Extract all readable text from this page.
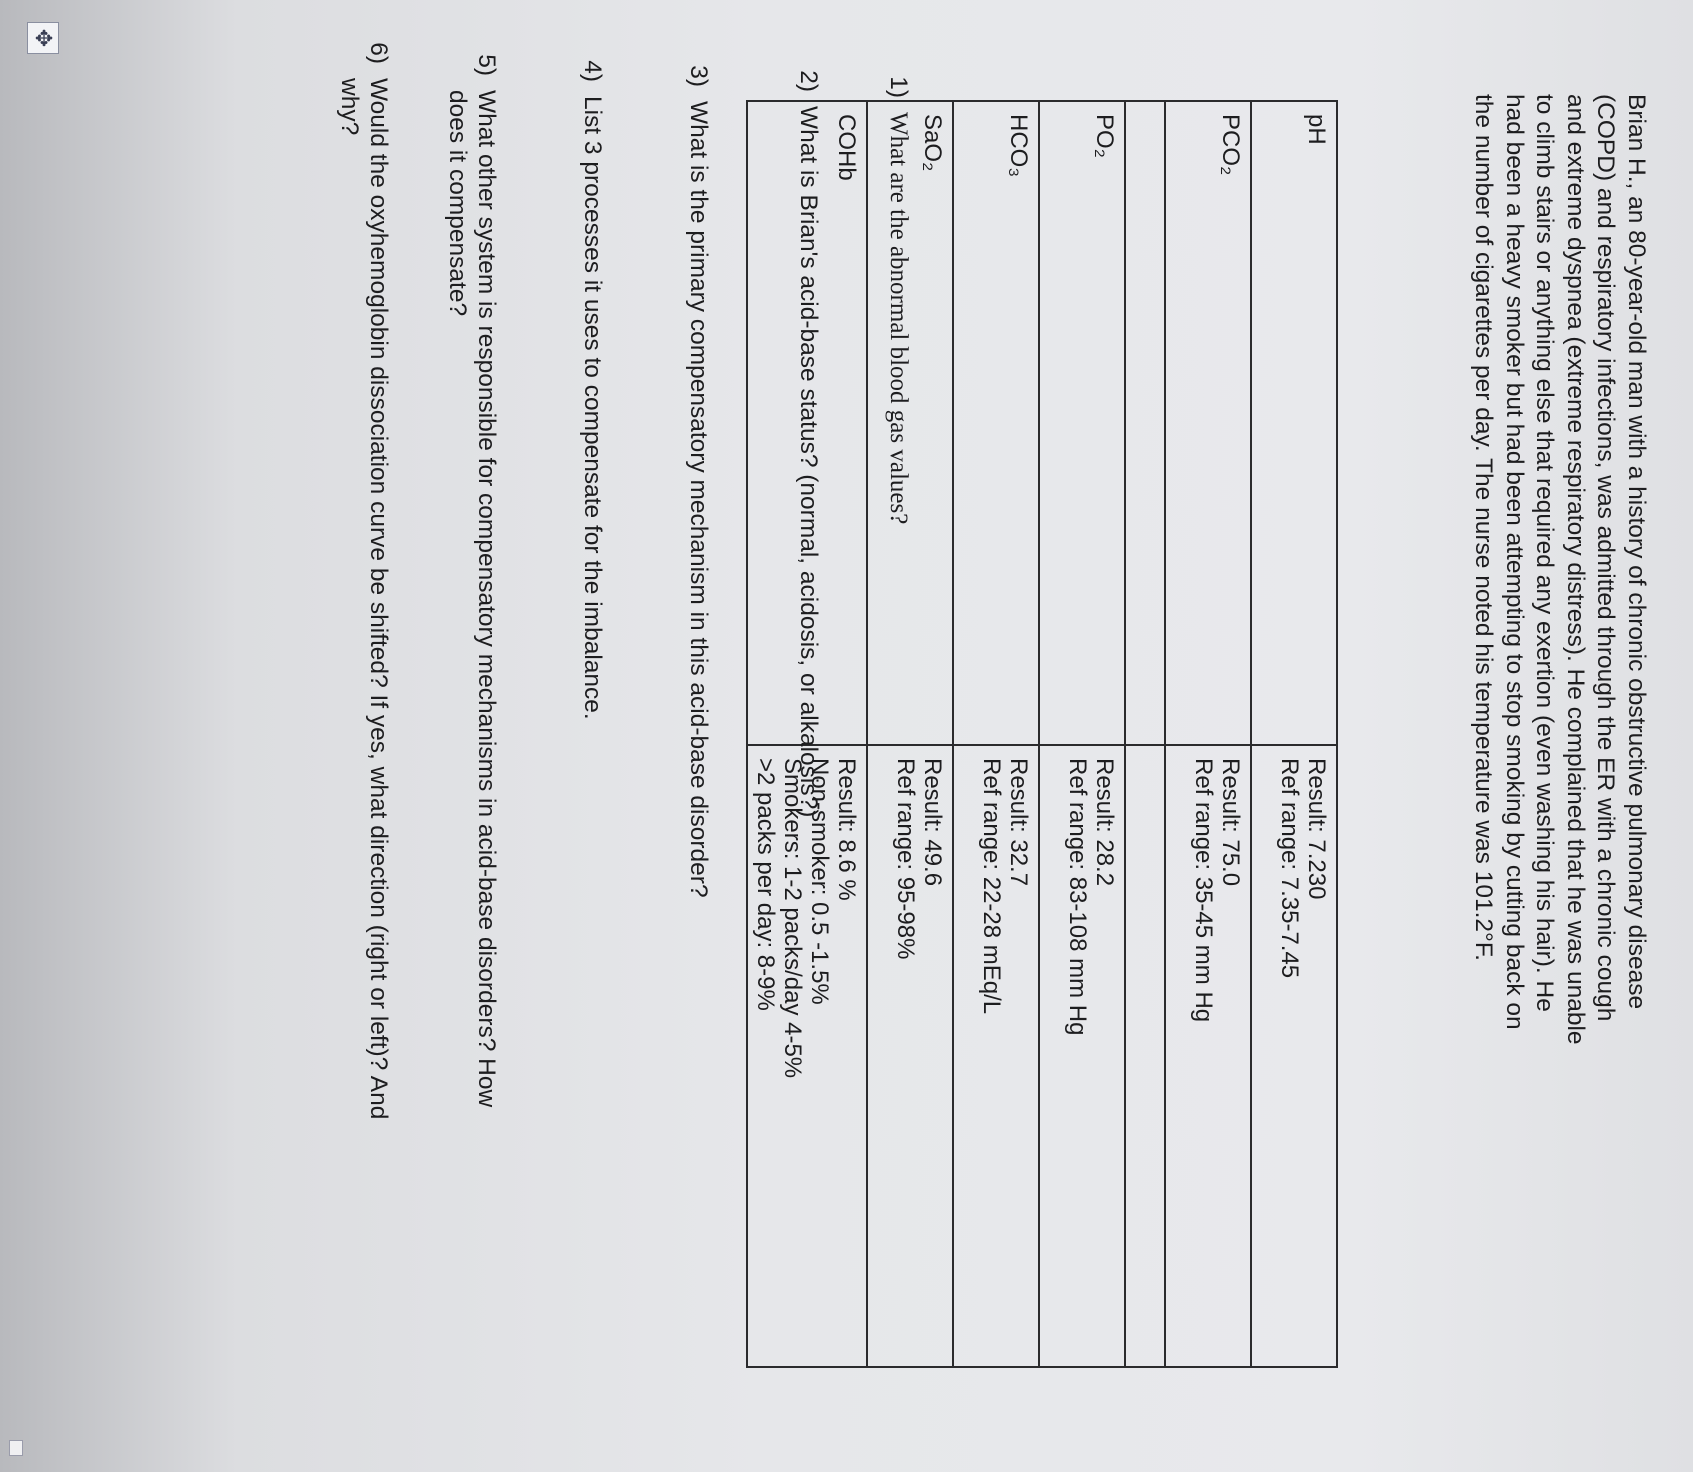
✥

Brian H., an 80-year-old man with a history of chronic obstructive pulmonary disease
(COPD) and respiratory infections, was admitted through the ER with a chronic cough
and extreme dyspnea (extreme respiratory distress). He complained that he was unable
to climb stairs or anything else that required any exertion (even washing his hair). He
had been a heavy smoker but had been attempting to stop smoking by cutting back on
the number of cigarettes per day. The nurse noted his temperature was 101.2°F.

pH	Result: 7.230
Ref range: 7.35-7.45

PCO₂	Result: 75.0
Ref range: 35-45 mm Hg

PO₂	Result: 28.2
Ref range: 83-108 mm Hg

HCO₃	Result: 32.7
Ref range: 22-28 mEq/L

SaO₂	Result: 49.6
Ref range: 95-98%

COHb	Result: 8.6 %
Non-smoker: 0.5 -1.5%
Smokers: 1-2 packs/day 4-5%
>2 packs per day: 8-9%
1)What are the abnormal blood gas values?
2)What is Brian's acid-base status? (normal, acidosis, or alkalosis?)
3)What is the primary compensatory mechanism in this acid-base disorder?
4)List 3 processes it uses to compensate for the imbalance.
5)What other system is responsible for compensatory mechanisms in acid-base disorders? How does it compensate?
6)Would the oxyhemoglobin dissociation curve be shifted? If yes, what direction (right or left)? And why?
